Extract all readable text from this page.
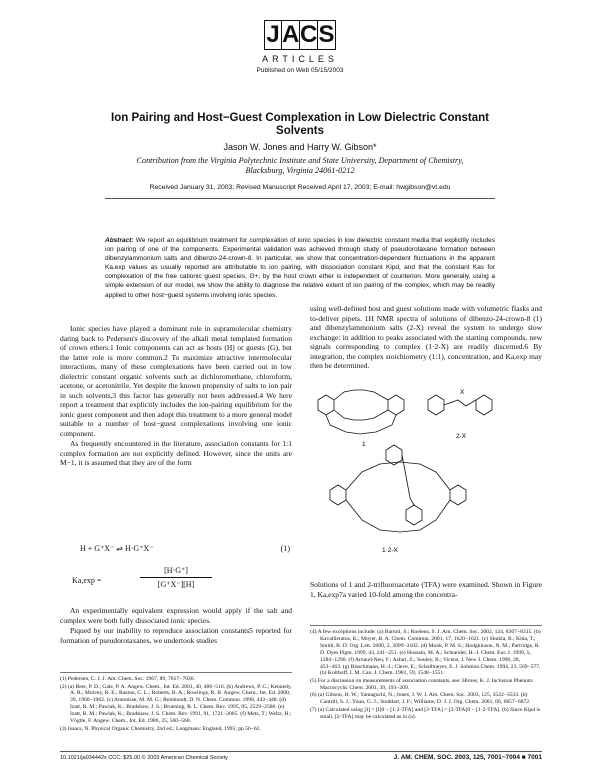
J A C S
ARTICLES
Published on Web 05/15/2003
Ion Pairing and Host−Guest Complexation in Low Dielectric Constant Solvents
Jason W. Jones and Harry W. Gibson*
Contribution from the Virginia Polytechnic Institute and State University, Department of Chemistry, Blacksburg, Virginia 24061-0212
Received January 31, 2003; Revised Manuscript Received April 17, 2003; E-mail: hwgibson@vt.edu
Abstract: We report an equilibrium treatment for complexation of ionic species in low dielectric constant media that explicitly includes ion pairing of one of the components. Experimental validation was achieved through study of pseudorotaxane formation between dibenzylammonium salts and dibenzo-24-crown-8. In particular, we show that concentration-dependent fluctuations in the apparent Ka,exp values as usually reported are attributable to ion pairing, with dissociation constant Kipd, and that the constant Kas for complexation of the free cationic guest species, G+, by the host crown ether is independent of counterion. More generally, using a simple extension of our model, we show the ability to diagnose the relative extent of ion pairing of the complex, which may be readily applied to other host−guest systems involving ionic species.

Ionic species have played a dominant role in supramolecular chemistry dating back to Pedersen's discovery of the alkali metal templated formation of crown ethers.1 Ionic components can act as hosts (H) or guests (G), but the latter role is more common.2 To maximize attractive intermolecular interactions, many of these complexations have been carried out in low dielectric constant organic solvents such as dichloromethane, chloroform, acetone, or acetonitrile. Yet despite the known propensity of salts to ion pair in such solvents,3 this factor has generally not been addressed.4 We here report a treatment that explicitly includes the ion-pairing equilibrium for the ionic guest component and then adopt this treatment to a more general model suitable to a number of host−guest complexations involving one ionic component.

As frequently encountered in the literature, association constants for 1:1 complex formation are not explicitly defined. However, since the units are M−1, it is assumed that they are of the form

H + G⁺X⁻ ⇌ H·G⁺X⁻	(1)
Ka,exp =	$\frac{[H\cdot G^+]}{[G^+X^-][H]}$

An experimentally equivalent expression would apply if the salt and complex were both fully dissociated ionic species.

Piqued by our inability to reproduce association constants5 reported for formation of pseudorotaxanes, we undertook studies

using well-defined host and guest solutions made with volumetric flasks and to-deliver pipets. 1H NMR spectra of solutions of dibenzo-24-crown-8 (1) and dibenzylammonium salts (2-X) reveal the system to undergo slow exchange: in addition to peaks associated with the starting compounds, new signals corresponding to complex (1·2-X) are readily discerned.6 By integration, the complex stoichiometry (1:1), concentration, and Ka,exp may then be determined.

1
2-X
X
1·2-X
Solutions of 1 and 2-trifluoroacetate (TFA) were examined. Shown in Figure 1, Ka,exp7a varied 10-fold among the concentra-
(1) Pedersen, C. J. J. Am. Chem. Soc. 1967, 89, 7017−7036.
(2) (a) Beer, P. D.; Gale, P. A. Angew. Chem., Int. Ed. 2001, 40, 486−516. (b) Andrews, P. C.; Kennedy, A. R.; Mulvey, R. E.; Raston, C. L.; Roberts, B. A.; Rowlings, R. B. Angew. Chem., Int. Ed. 2000, 39, 1960−1962. (c) Antonisse, M. M. G.; Reinhoudt, D. N. Chem. Commun. 1998, 443−448. (d) Izatt, R. M.; Pawlak, K.; Bradshaw, J. S.; Bruening, R. L. Chem. Rev. 1995, 95, 2529−2586. (e) Izatt, R. M.; Pawlak, K.; Bradshaw, J. S. Chem. Rev. 1991, 91, 1721−2085. (f) Metz, T.; Weitz, H.; Vögtle, F. Angew. Chem., Int. Ed. 1986, 25, 560−568.
(3) Isaacs, N. Physical Organic Chemistry, 2nd ed.; Longmans: England, 1995; pp 56−62.
(4) A few exceptions include: (a) Bartoli, S.; Roelens, S. J. Am. Chem. Soc. 2002, 124, 8307−8315. (b) Kavallieratos, K.; Moyer, B. A. Chem. Commun. 2001, 17, 1620−1621. (c) Shukla, R.; Kida, T.; Smith, B. D. Org. Lett. 2000, 2, 3099−3102. (d) Monk, P. M. S.; Hodgkinson, N. M.; Partridge, R. D. Dyes Pigm. 1999, 43, 241−251. (e) Hossain, M. A.; Schneider, H.-J. Chem. Eur. J. 1999, 5, 1284−1290. (f) Arnaud-Neu, F.; Asfari, Z.; Souley, B.; Vicens, J. New J. Chem. 1996, 20, 453−463. (g) Bisschmann, H.-J.; Cleve, E.; Schollmeyer, E. J. Solution Chem. 1994, 23, 569−577. (h) Kolthoff, I. M. Can. J. Chem. 1981, 59, 1548−1551.
(5) For a discussion on measurements of association constants, see: Hirose, K. J. Inclusion Phenom. Macrocyclic Chem. 2001, 39, 193−209.
(6) (a) Gibson, H. W.; Yamaguchi, N.; Jones, J. W. J. Am. Chem. Soc. 2003, 125, 3522−3533. (b) Cantrill, S. J.; Youn, G. J.; Stoddart, J. F.; Williams, D. J. J. Org. Chem. 2001, 66, 6857−6872.
(7) (a) Calculated using [I] = [I]0 − [1·2-TFA] and [2-TFA] = [2-TFA]0 − [1·2-TFA]. (b) Since Kipd is small, [2-TFA] may be calculated as in (a).
10.1021/ja034442x CCC: $25.00 © 2003 American Chemical Society	J. AM. CHEM. SOC. 2003, 125, 7001−7004 ■ 7001
